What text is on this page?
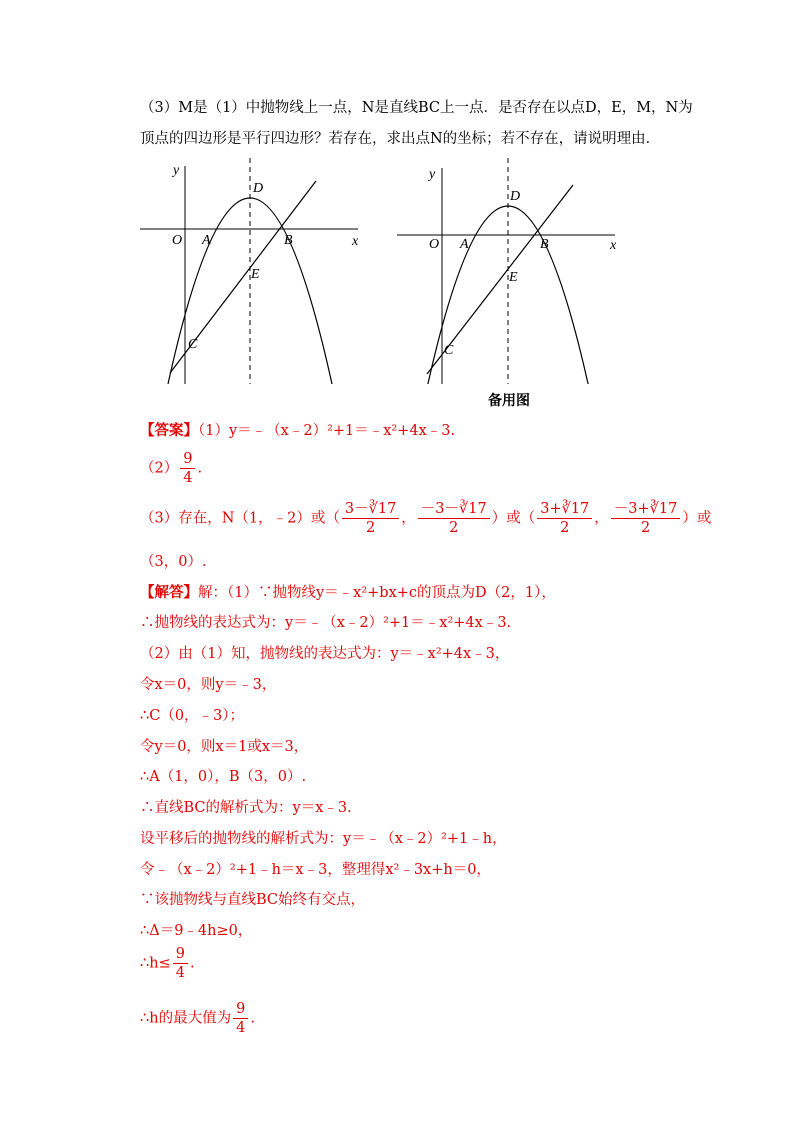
（3）M是（1）中抛物线上一点，N是直线BC上一点．是否存在以点D，E，M，N为
顶点的四边形是平行四边形？若存在，求出点N的坐标；若不存在，请说明理由．
y
x
O A	B
C
D
E
y
x
O A	B
C
D
E
备用图
【答案】（1）y＝﹣（x﹣2）²+1＝﹣x²+4x﹣3.
$(2) \frac{9}{4}$ .
（3）存在，N（1，﹣2）或（ $\frac{3-∛17}{2}$ ， $\frac{-3-∛17}{2}$ ）或（ $\frac{3+∛17}{2}$ ， $\frac{-3+∛17}{2}$ ）或
（3，0）.
【解答】解：（1）∵抛物线y＝﹣x²+bx+c的顶点为D（2，1），
∴抛物线的表达式为：y＝﹣（x﹣2）²+1＝﹣x²+4x﹣3.
（2）由（1）知，抛物线的表达式为：y＝﹣x²+4x﹣3，
令x＝0，则y＝﹣3，
∴C（0，﹣3）；
令y＝0，则x＝1或x＝3，
∴A（1，0），B（3，0）.
∴直线BC的解析式为：y＝x﹣3.
设平移后的抛物线的解析式为：y＝﹣（x﹣2）²+1﹣h，
令﹣（x﹣2）²+1﹣h＝x﹣3，整理得x²﹣3x+h＝0，
∵该抛物线与直线BC始终有交点，
∴Δ＝9﹣4h≥0，
∴h≤ $\frac{9}{4}$ .
∴h的最大值为 $\frac{9}{4}$ .
